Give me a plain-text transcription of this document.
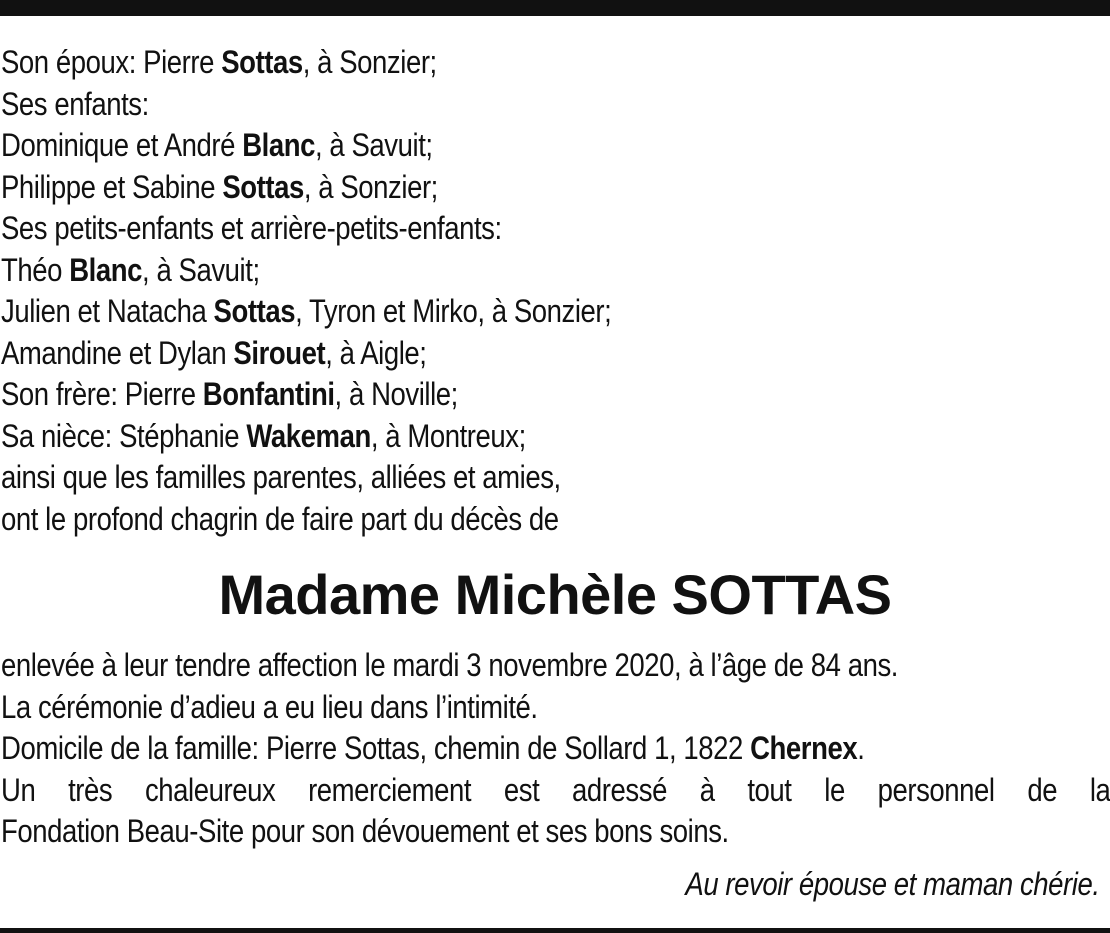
Son époux: Pierre Sottas, à Sonzier;
Ses enfants:
Dominique et André Blanc, à Savuit;
Philippe et Sabine Sottas, à Sonzier;
Ses petits-enfants et arrière-petits-enfants:
Théo Blanc, à Savuit;
Julien et Natacha Sottas, Tyron et Mirko, à Sonzier;
Amandine et Dylan Sirouet, à Aigle;
Son frère: Pierre Bonfantini, à Noville;
Sa nièce: Stéphanie Wakeman, à Montreux;
ainsi que les familles parentes, alliées et amies,
ont le profond chagrin de faire part du décès de
Madame Michèle SOTTAS
enlevée à leur tendre affection le mardi 3 novembre 2020, à l’âge de 84 ans.
La cérémonie d’adieu a eu lieu dans l’intimité.
Domicile de la famille: Pierre Sottas, chemin de Sollard 1, 1822 Chernex.
Un très chaleureux remerciement est adressé à tout le personnel de la
Fondation Beau-Site pour son dévouement et ses bons soins.
Au revoir épouse et maman chérie.
